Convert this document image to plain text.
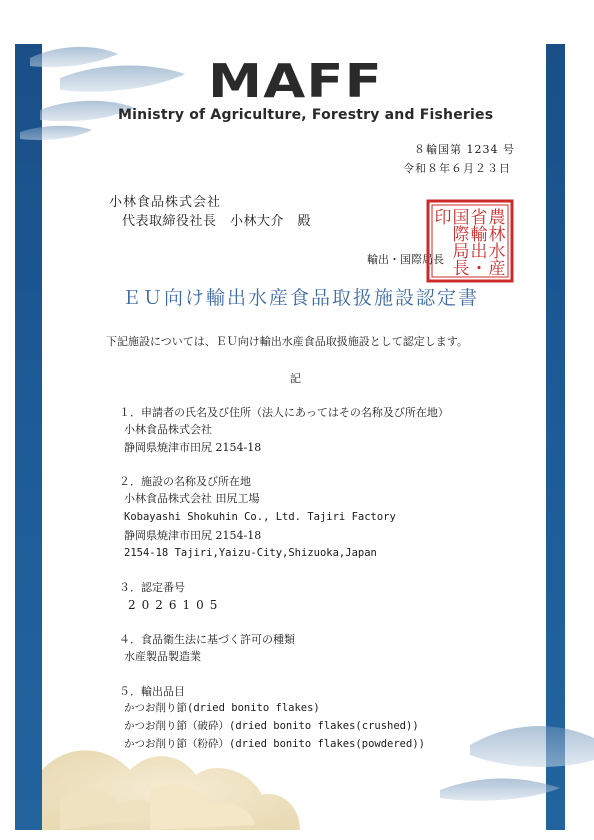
MAFF
Ministry of Agriculture, Forestry and Fisheries
８輸国第 1234 号
令和８年６月２３日
小林食品株式会社
代表取締役社長　小林大介　殿
輸出・国際局長
農
林
水
産
省
輸
出
・
国
際
局
長
印
ＥＵ向け輸出水産食品取扱施設認定書
下記施設については、ＥＵ向け輸出水産食品取扱施設として認定します。
記
１．申請者の氏名及び住所（法人にあってはその名称及び所在地）
小林食品株式会社
静岡県焼津市田尻 2154-18
２．施設の名称及び所在地
小林食品株式会社 田尻工場
Kobayashi Shokuhin Co., Ltd. Tajiri Factory
静岡県焼津市田尻 2154-18
2154-18 Tajiri,Yaizu-City,Shizuoka,Japan
３．認定番号
2026105
４．食品衛生法に基づく許可の種類
水産製品製造業
５．輸出品目
かつお削り節(dried bonito flakes)
かつお削り節（破砕）(dried bonito flakes(crushed))
かつお削り節（粉砕）(dried bonito flakes(powdered))
